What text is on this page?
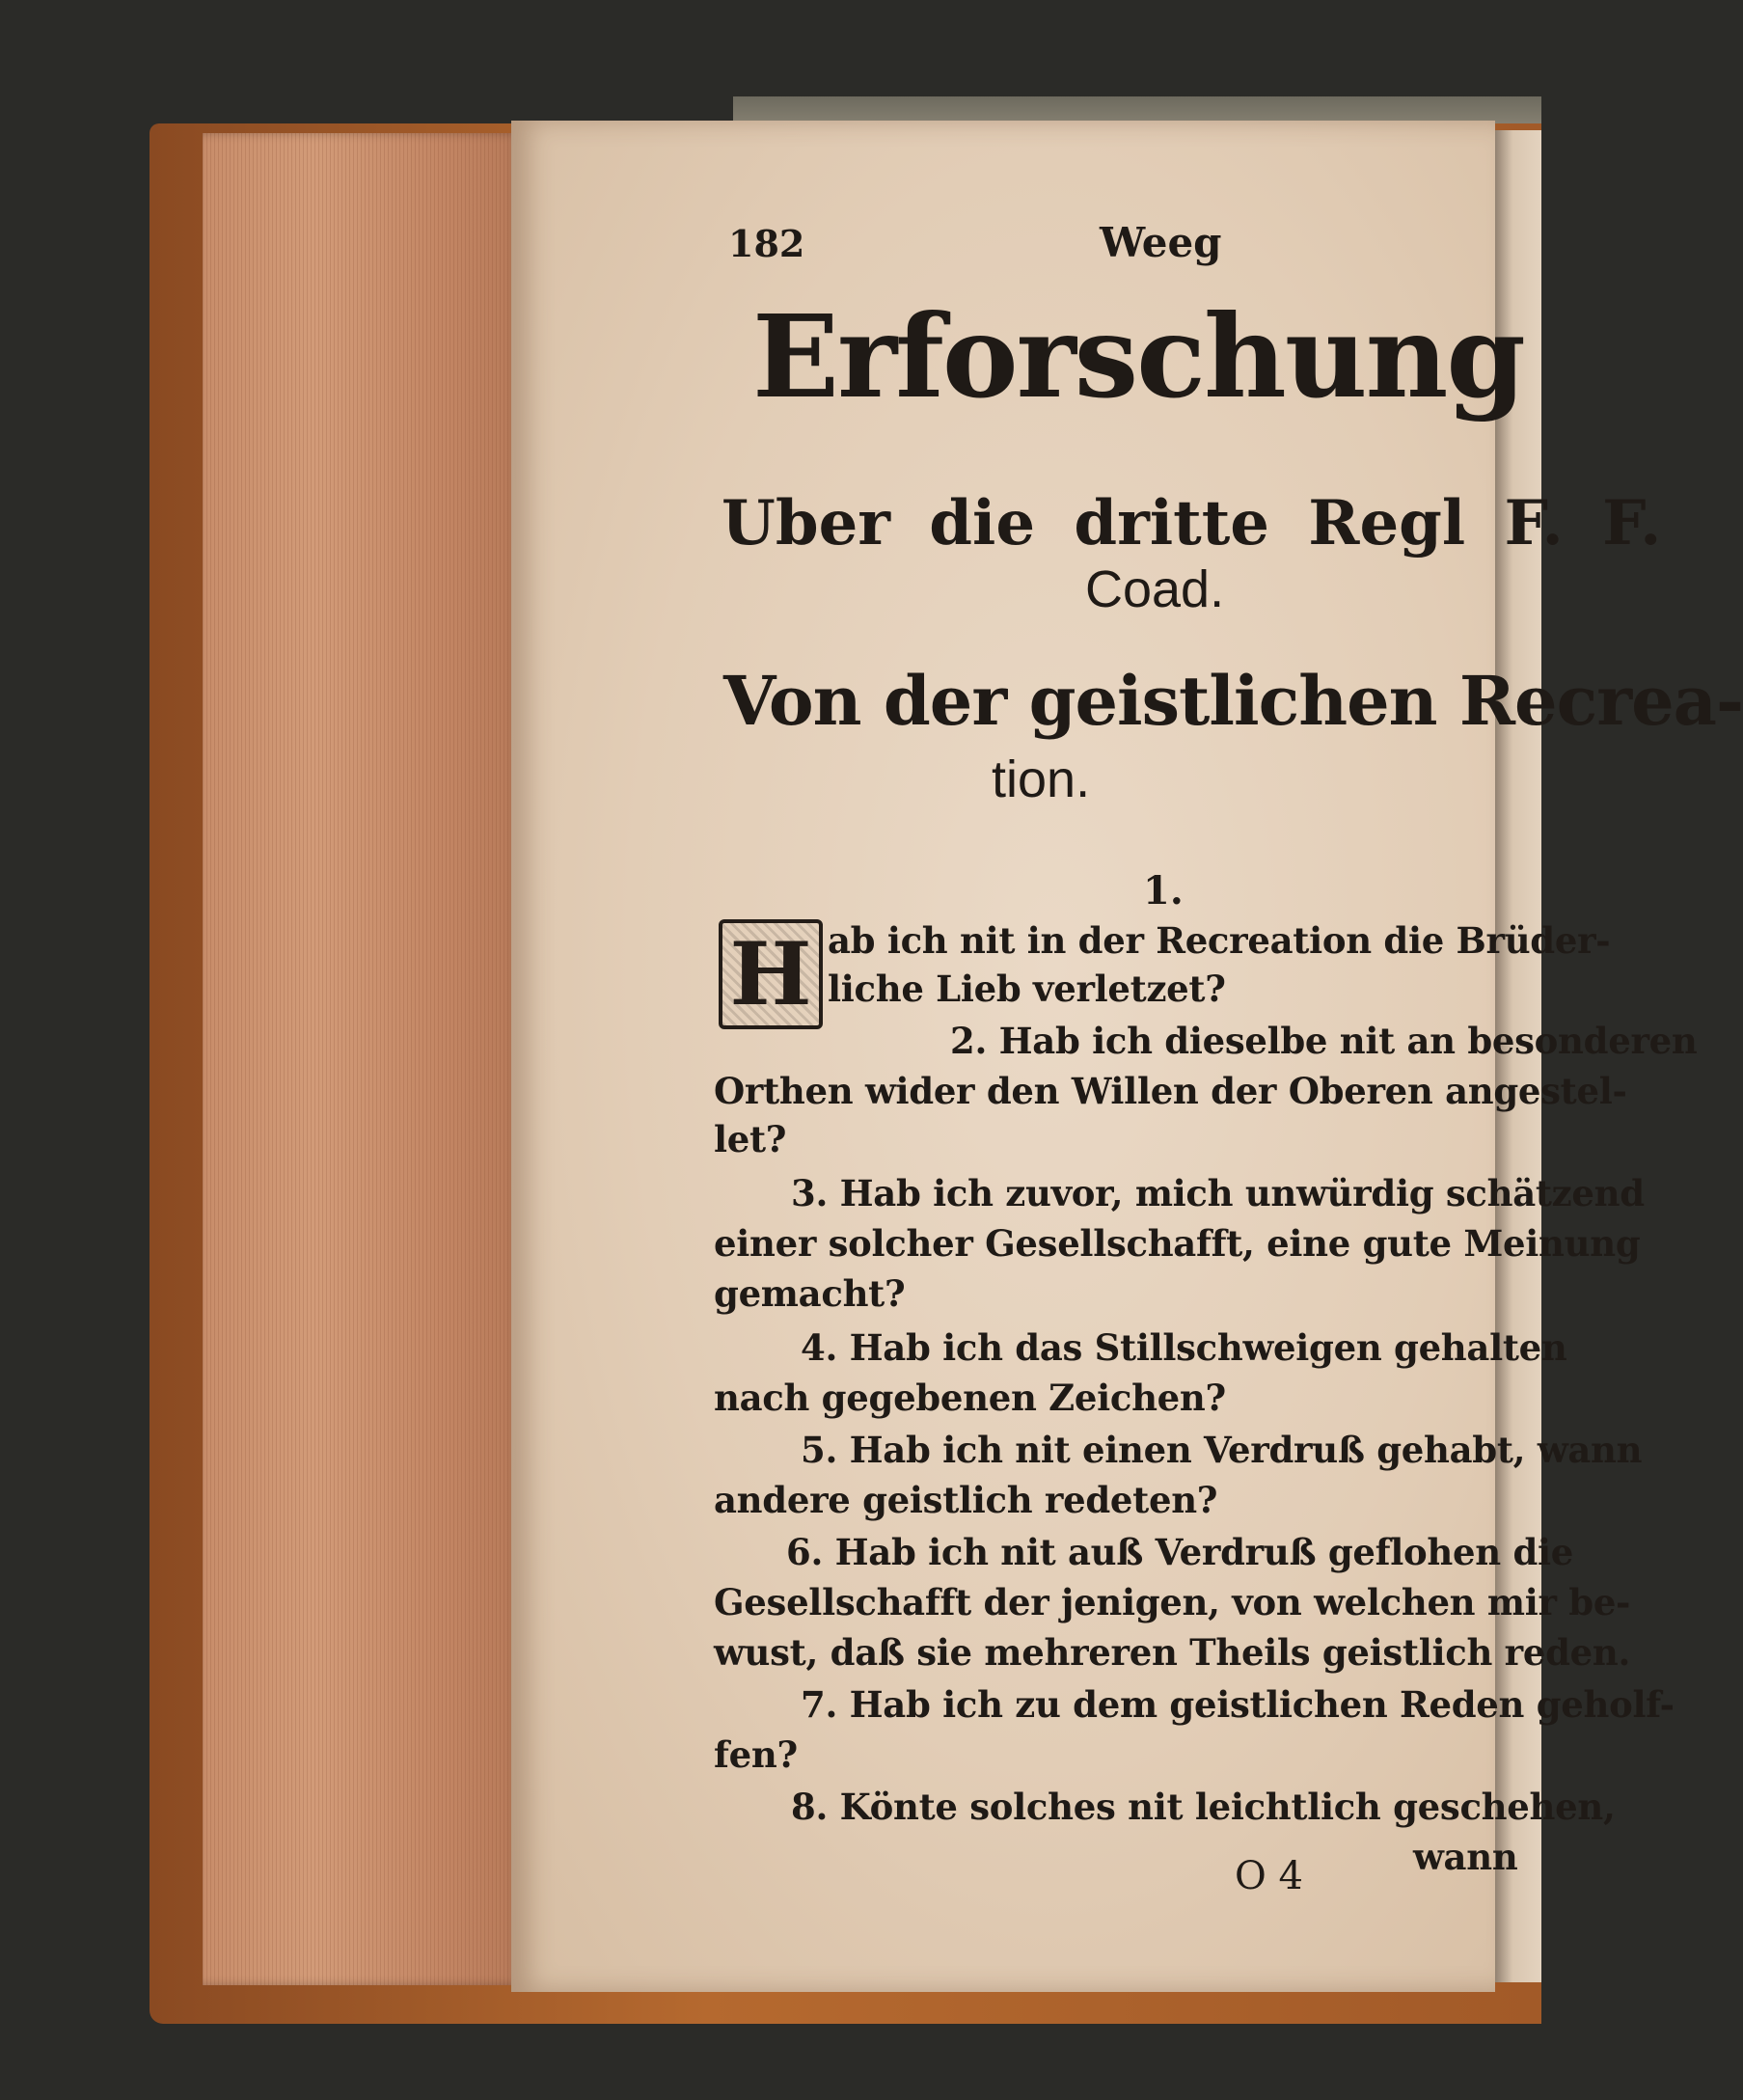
182	Weeg

Erforschung

Uber die dritte Regl F. F.

Coad.

Von der geistlichen Recrea-

tion.

1.

H ab ich nit in der Recreation die Brüder-

liche Lieb verletzet?

2. Hab ich dieselbe nit an besonderen

Orthen wider den Willen der Oberen angestel-

let?

3. Hab ich zuvor, mich unwürdig schätzend

einer solcher Gesellschafft, eine gute Meinung

gemacht?

4. Hab ich das Stillschweigen gehalten

nach gegebenen Zeichen?

5. Hab ich nit einen Verdruß gehabt, wann

andere geistlich redeten?

6. Hab ich nit auß Verdruß geflohen die

Gesellschafft der jenigen, von welchen mir be-

wust, daß sie mehreren Theils geistlich reden.

7. Hab ich zu dem geistlichen Reden geholf-

fen?

8. Könte solches nit leichtlich geschehen,

wann

O 4
